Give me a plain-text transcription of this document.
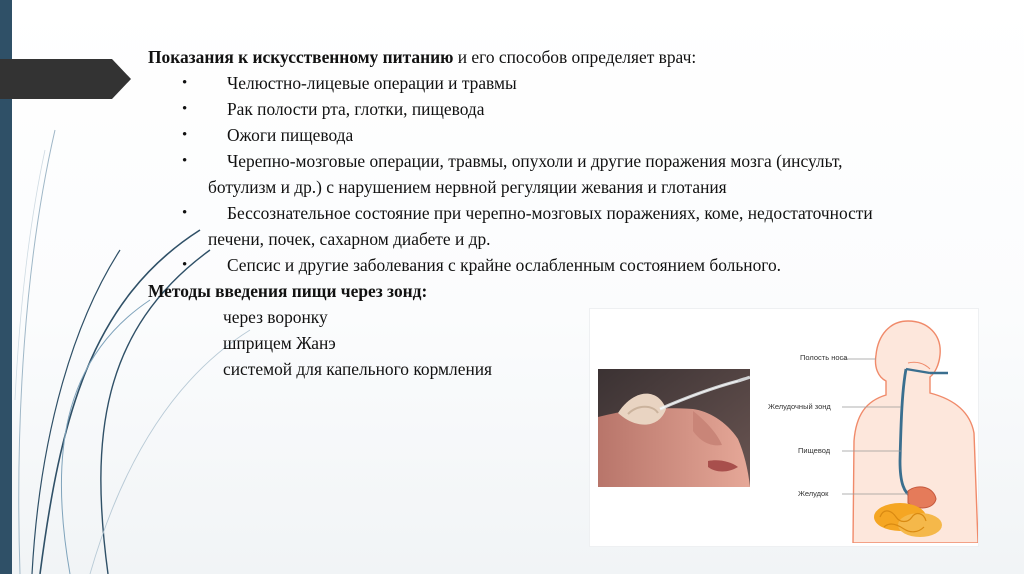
Показания к искусственному питанию и его способов определяет врач:

• Челюстно-лицевые операции и травмы
• Рак полости рта, глотки, пищевода
• Ожоги пищевода
• Черепно-мозговые операции, травмы, опухоли и другие поражения мозга (инсульт, ботулизм и др.) с нарушением нервной регуляции жевания и глотания
• Бессознательное состояние при черепно-мозговых поражениях, коме, недостаточности печени, почек, сахарном диабете и др.
• Сепсис и другие заболевания с крайне ослабленным состоянием больного.

Методы введения пищи через зонд:

через воронку
шприцем Жанэ
системой для капельного кормления
Полость носа
Желудочный зонд
Пищевод
Желудок
